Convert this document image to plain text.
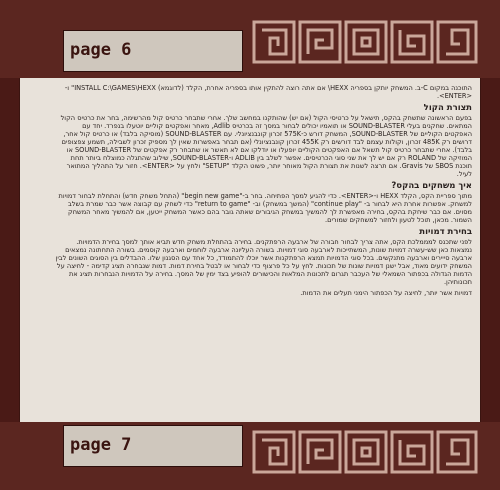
page 6

התוכנה במקום C-ב. המשחק יותקן בספריה HEXX\ אם אתה רוצה להתקין אותו בספריה אחרת, הקלד (לדוגמא) INSTALL C:\GAMES\HEXX" ו-<ENTER>.

תצורת הקול

בפעם הראשונה שתשחק בהקס, תישאל על כרטיסי הקול (אם יש) שהותקנו במחשב שלך. אחרי שתבחר כרטיס קול מהרשימה, בחר את כרטיס הקול המתאים. שחקנים בעלי SOUND-BLASTER או תואמיו יכולים לבחור במסך זה בכרטיס Adlib, מאחר ואפקטים קוליים יוטעלו בנפרד. יחד עם האפקטים הקוליים של SOUND-BLASTER, המשחק דורש כ-575K זכרון קונבנציונלי. עם SOUND-BLASTER (מוסיקה בלבד) או כרטיס קול אחר, דרושים רק 485K זכרון, וקולות עצמם לבד דורשים רק 455K זכרון קונבנציונלי (אם תבחר באפשרות שאין לך מספיק זכרון לשבילה, תשמע צפצופים בלבד). אחרי שתבחר כרטיס קול תשאל אם האפקטים הקוליים יופעלו או יודלקו אם לא תאשר או שתבחר רק אפקטים של SOUND-BLASTER או המוזיקה של ROLAND רק אם יש לך את שני סוגי הכרטיסים. אפשר לשלב בין ADLIB ו-SOUND-BLASTER, שילוב שהתגלה כמוצלח ביותר תחת תוכנת SBOS של Gravis. אם תרצה לשנות את תצורת הקול מאוחר יותר, פשוט הקלד "SETUP" ולחץ על <ENTER>. חזור על התהליך המתואר לעיל.

איך משחקים בהקס?

מתוך ספריית הקס, הקלד HEXX ו-<ENTER>. כדי להגיע למסך הפתיחה. בחר ב-"begin new game" (התחל משחק חדש) והתחלת לבחור דמויות למשחק. אפשרות אחרת היא לבחור ב- "continue play" (המשך במשחק) וב- "return to game" כדי לשחק עם קבוצה אשר כבר שמרת בשלב מסוים. אם כבר שיחקת בהקס, בחירה מאפשרת לך להמשיך במשחק הגיבורים שאתה גובר בהם כאשר המשחק ייטען, אם להמשיך מאחר המשחק השמור. מכאן, תוכל לטעון ולחזור למשחקים שמורים.

בחירת דמויות

לפני שתכנס למממלכת הקס, אתה צריך לבחור חבורה של ארבעה הרפתקנים. בחירה בהתחלת משחק חדש תביא אותך למסך בחירת הדמויות. נמצאות כאן שש-עשרה דמויות שונות, המשתייכות לארבעה סוגי דמויות. בשורה העליונה ארבעה לוחמים וארבעה קוסמים. בשורה התחתונה נמצאים ארבעה סייירים וארבעה מתנקשים. בכל סוגי הדמויות תמצא הרפתקנות אשר יוכלו להתמודד, כל אחד עם הסגנון שלו. ההבדלים בין הסוגים השונים לבין המשחק ידועים מאוד, אבל ישנן דמויות שונות של תכונות. לחץ על כל פרצוף כדי לבחור או לבטל בחירת דמות. דמות שנבחרה תציג קדימה - לחיצה על הדמות הגדולה בכפתור השמאלי של העכבר תגרום לתכונות המלאות והכישורים להופיע בצד ימין של המסך. בחירה על הדמויות הנבחרות תציג את תכונותיהן.

דמויות אשר יותר, לחיצה על הכפתור הימני תעלים את הדמות.

page 7
